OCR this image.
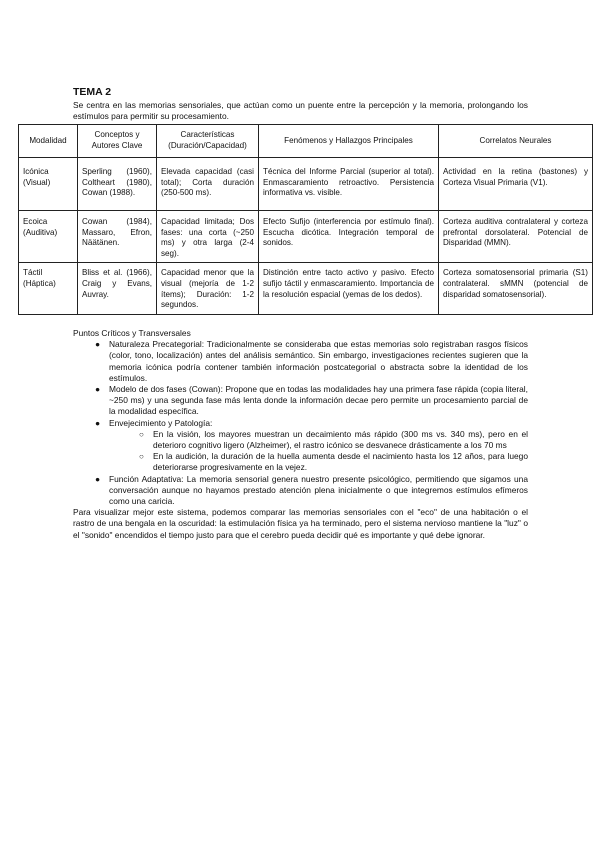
TEMA 2
Se centra en las memorias sensoriales, que actúan como un puente entre la percepción y la memoria, prolongando los estímulos para permitir su procesamiento.
Modalidad	Conceptos y Autores Clave	Características (Duración/Capacidad)	Fenómenos y Hallazgos Principales	Correlatos Neurales
Icónica (Visual)	Sperling (1960), Coltheart (1980), Cowan (1988).	Elevada capacidad (casi total); Corta duración (250-500 ms).	Técnica del Informe Parcial (superior al total). Enmascaramiento retroactivo. Persistencia informativa vs. visible.	Actividad en la retina (bastones) y Corteza Visual Primaria (V1).
Ecoica (Auditiva)	Cowan (1984), Massaro, Efron, Näätänen.	Capacidad limitada; Dos fases: una corta (~250 ms) y otra larga (2-4 seg).	Efecto Sufijo (interferencia por estímulo final). Escucha dicótica. Integración temporal de sonidos.	Corteza auditiva contralateral y corteza prefrontal dorsolateral. Potencial de Disparidad (MMN).
Táctil (Háptica)	Bliss et al. (1966), Craig y Evans, Auvray.	Capacidad menor que la visual (mejoría de 1-2 ítems); Duración: 1-2 segundos.	Distinción entre tacto activo y pasivo. Efecto sufijo táctil y enmascaramiento. Importancia de la resolución espacial (yemas de los dedos).	Corteza somatosensorial primaria (S1) contralateral. sMMN (potencial de disparidad somatosensorial).
Puntos Críticos y Transversales
● Naturaleza Precategorial: Tradicionalmente se consideraba que estas memorias solo registraban rasgos físicos (color, tono, localización) antes del análisis semántico. Sin embargo, investigaciones recientes sugieren que la memoria icónica podría contener también información postcategorial o abstracta sobre la identidad de los estímulos.
● Modelo de dos fases (Cowan): Propone que en todas las modalidades hay una primera fase rápida (copia literal, ~250 ms) y una segunda fase más lenta donde la información decae pero permite un procesamiento parcial de la modalidad específica.
● Envejecimiento y Patología:
○ En la visión, los mayores muestran un decaimiento más rápido (300 ms vs. 340 ms), pero en el deterioro cognitivo ligero (Alzheimer), el rastro icónico se desvanece drásticamente a los 70 ms
○ En la audición, la duración de la huella aumenta desde el nacimiento hasta los 12 años, para luego deteriorarse progresivamente en la vejez.
● Función Adaptativa: La memoria sensorial genera nuestro presente psicológico, permitiendo que sigamos una conversación aunque no hayamos prestado atención plena inicialmente o que integremos estímulos efímeros como una caricia.
Para visualizar mejor este sistema, podemos comparar las memorias sensoriales con el "eco" de una habitación o el rastro de una bengala en la oscuridad: la estimulación física ya ha terminado, pero el sistema nervioso mantiene la "luz" o el "sonido" encendidos el tiempo justo para que el cerebro pueda decidir qué es importante y qué debe ignorar.
